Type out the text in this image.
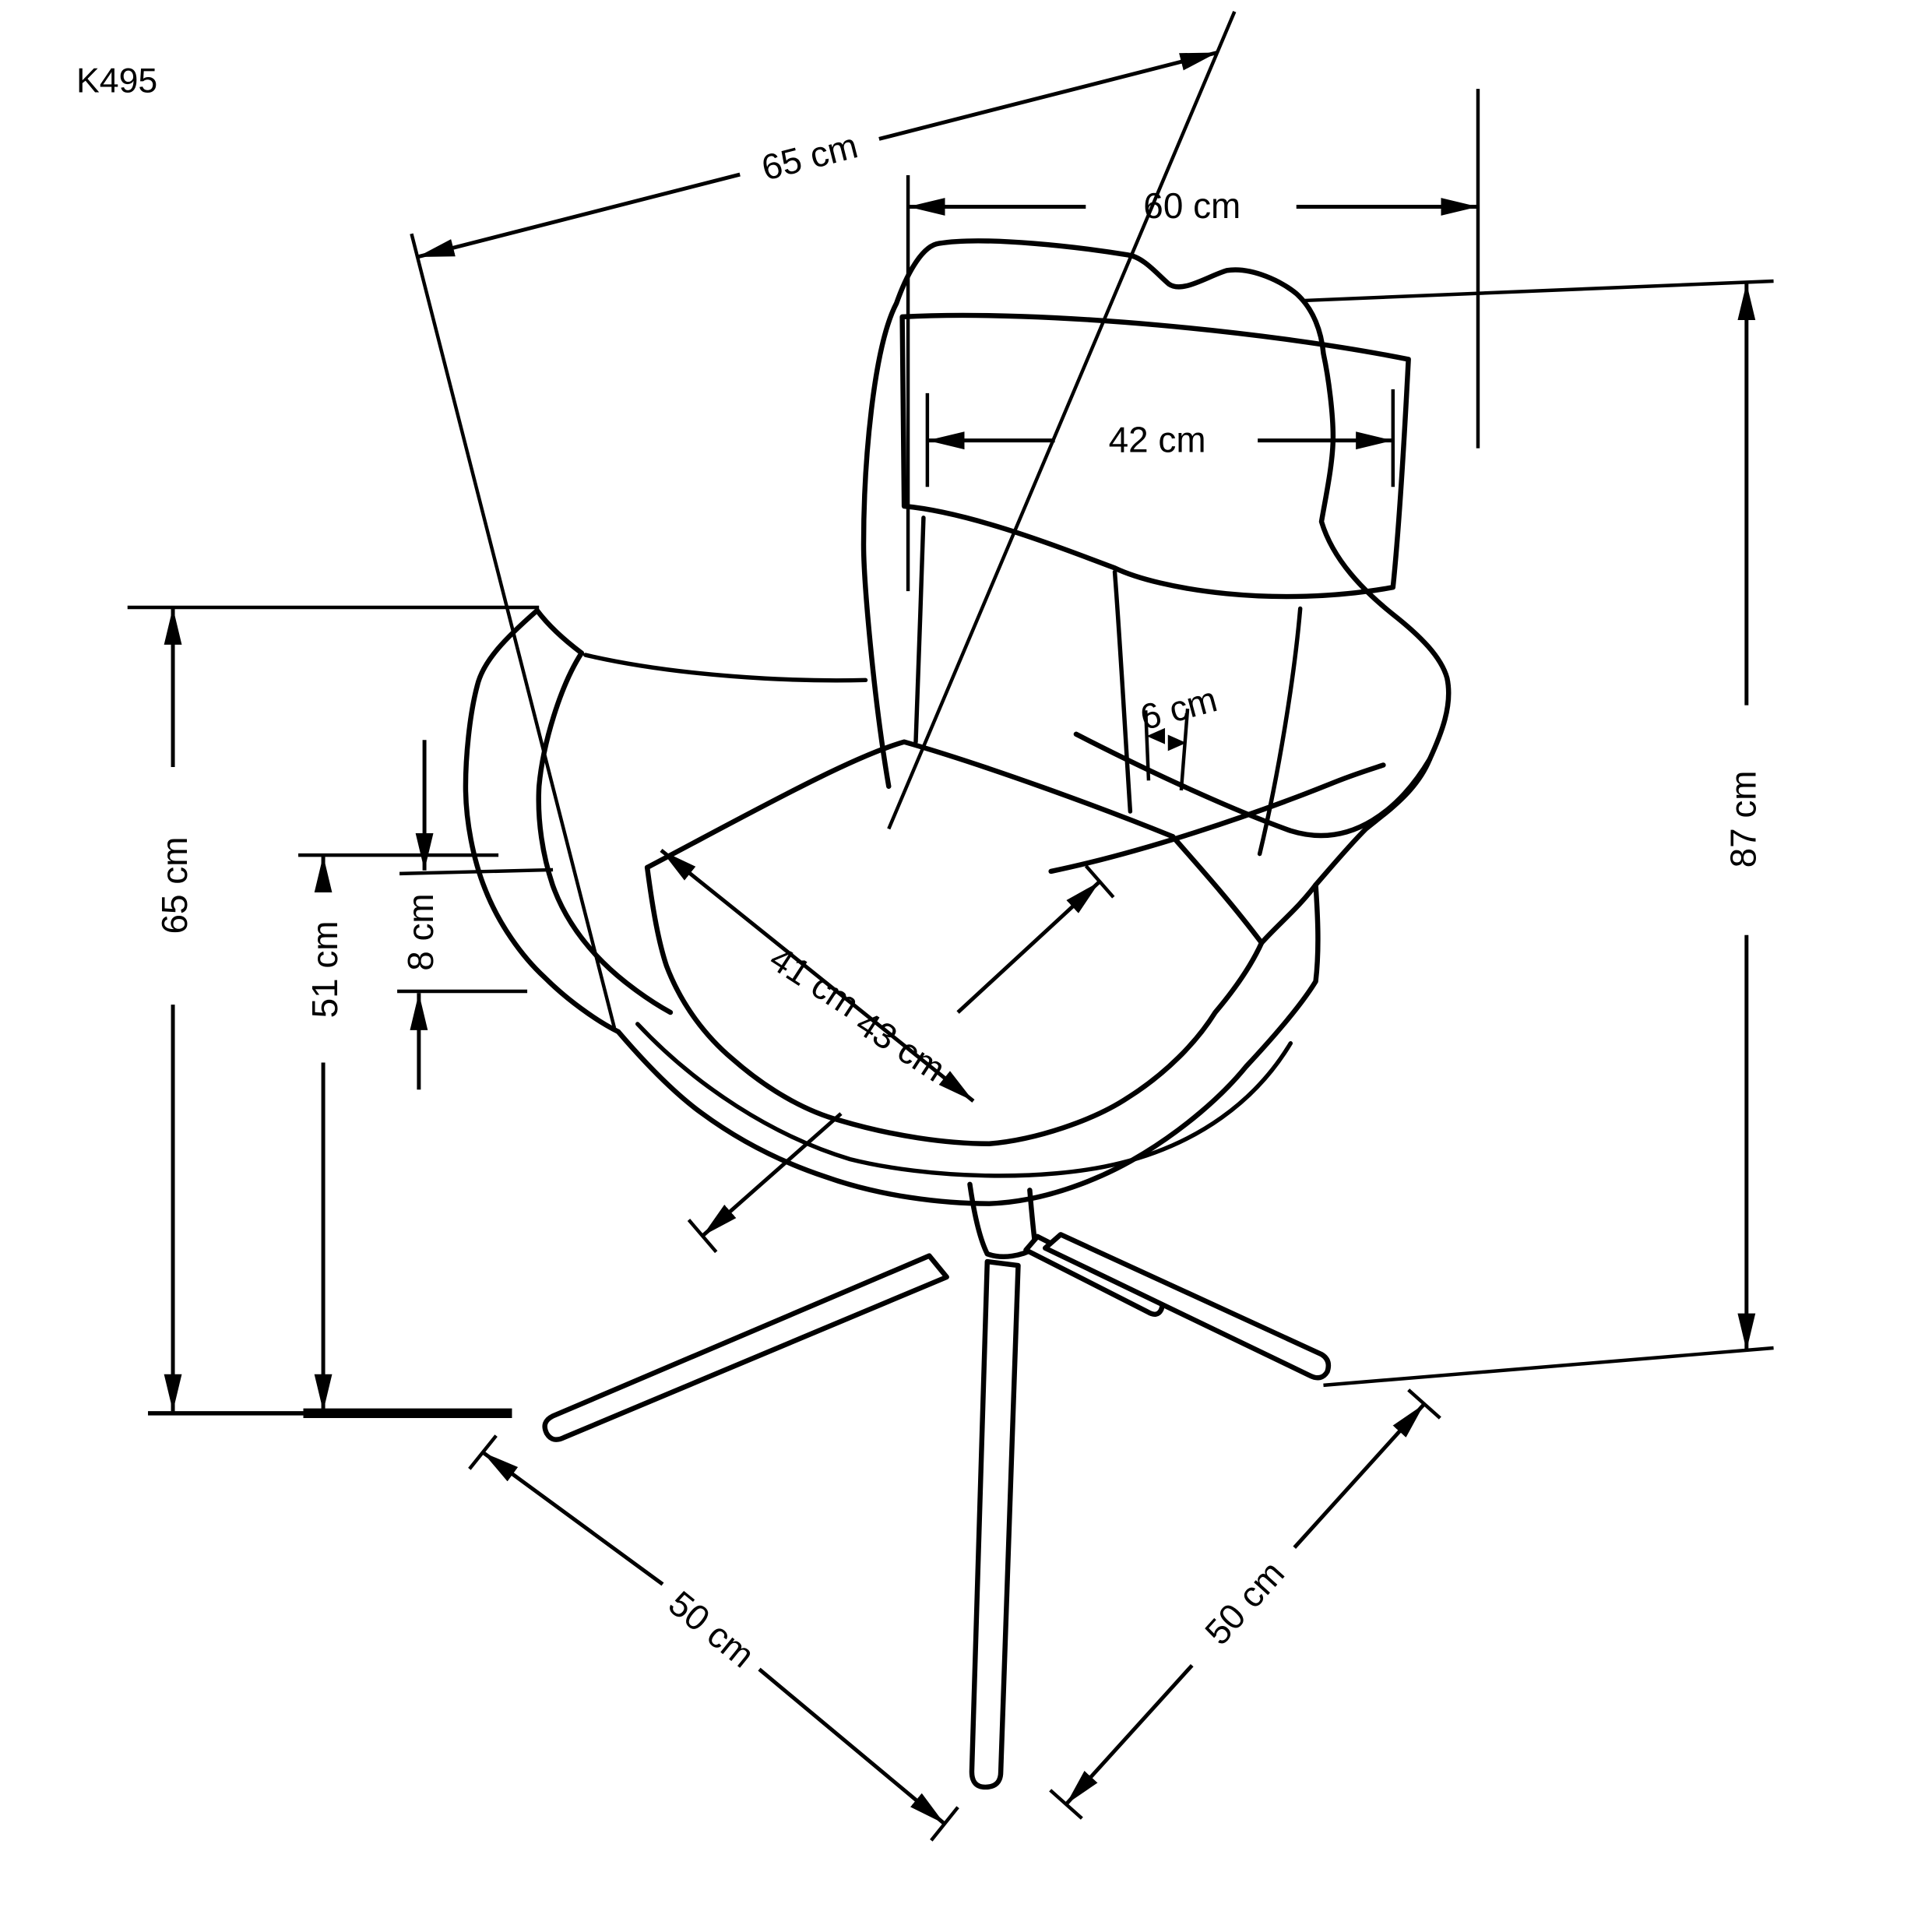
K495
65 cm
60 cm
42 cm
6 cm
87 cm
65 cm
51 cm	8 cm
41 cm
43 cm
50 cm	50 cm
